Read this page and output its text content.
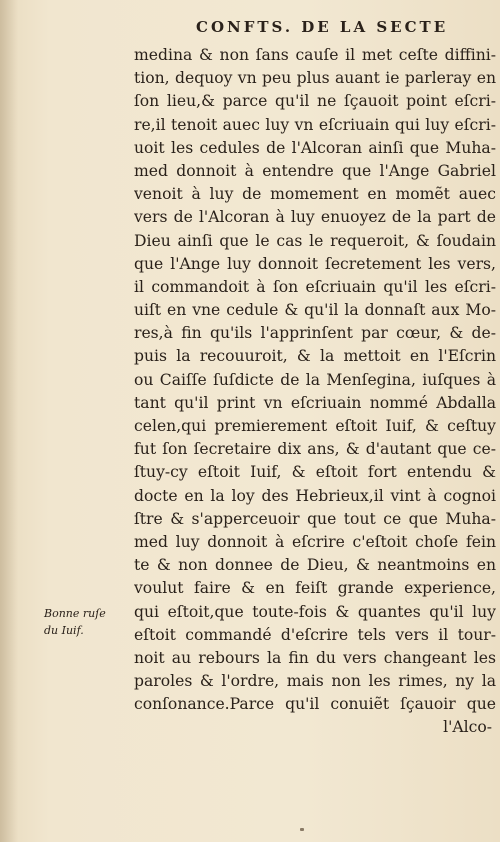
CONFTS. DE LA SECTE
Bonne ruſe
du Iuif.
medina & non ſans cauſe il met ceſte diffini-
tion, dequoy vn peu plus auant ie parleray en
ſon lieu,& parce qu'il ne ſçauoit point eſcri-
re,il tenoit auec luy vn eſcriuain qui luy eſcri-
uoit les cedules de l'Alcoran ainſi que Muha-
med donnoit à entendre que l'Ange Gabriel
venoit à luy de momement en momẽt auec
vers de l'Alcoran à luy enuoyez de la part de
Dieu ainſi que le cas le requeroit, & ſoudain
que l'Ange luy donnoit ſecretement les vers,
il commandoit à ſon eſcriuain qu'il les eſcri-
uiſt en vne cedule & qu'il la donnaſt aux Mo-
res,à fin qu'ils l'apprinſent par cœur, & de-
puis la recouuroit, & la mettoit en l'Eſcrin
ou Caiſſe ſuſdicte de la Menſegina, iuſques à
tant qu'il print vn eſcriuain nommé Abdalla
celen,qui premierement eſtoit Iuif, & ceſtuy
fut ſon ſecretaire dix ans, & d'autant que ce-
ſtuy-cy eſtoit Iuif, & eſtoit fort entendu &
docte en la loy des Hebrieux,il vint à cognoi
ſtre & s'apperceuoir que tout ce que Muha-
med luy donnoit à eſcrire c'eſtoit choſe fein
te & non donnee de Dieu, & neantmoins en
voulut faire & en feiſt grande experience,
qui eſtoit,que toute-fois & quantes qu'il luy
eſtoit commandé d'eſcrire tels vers il tour-
noit au rebours la fin du vers changeant les
paroles & l'ordre, mais non les rimes, ny la
conſonance.Parce qu'il conuiẽt ſçauoir que
l'Alco-
